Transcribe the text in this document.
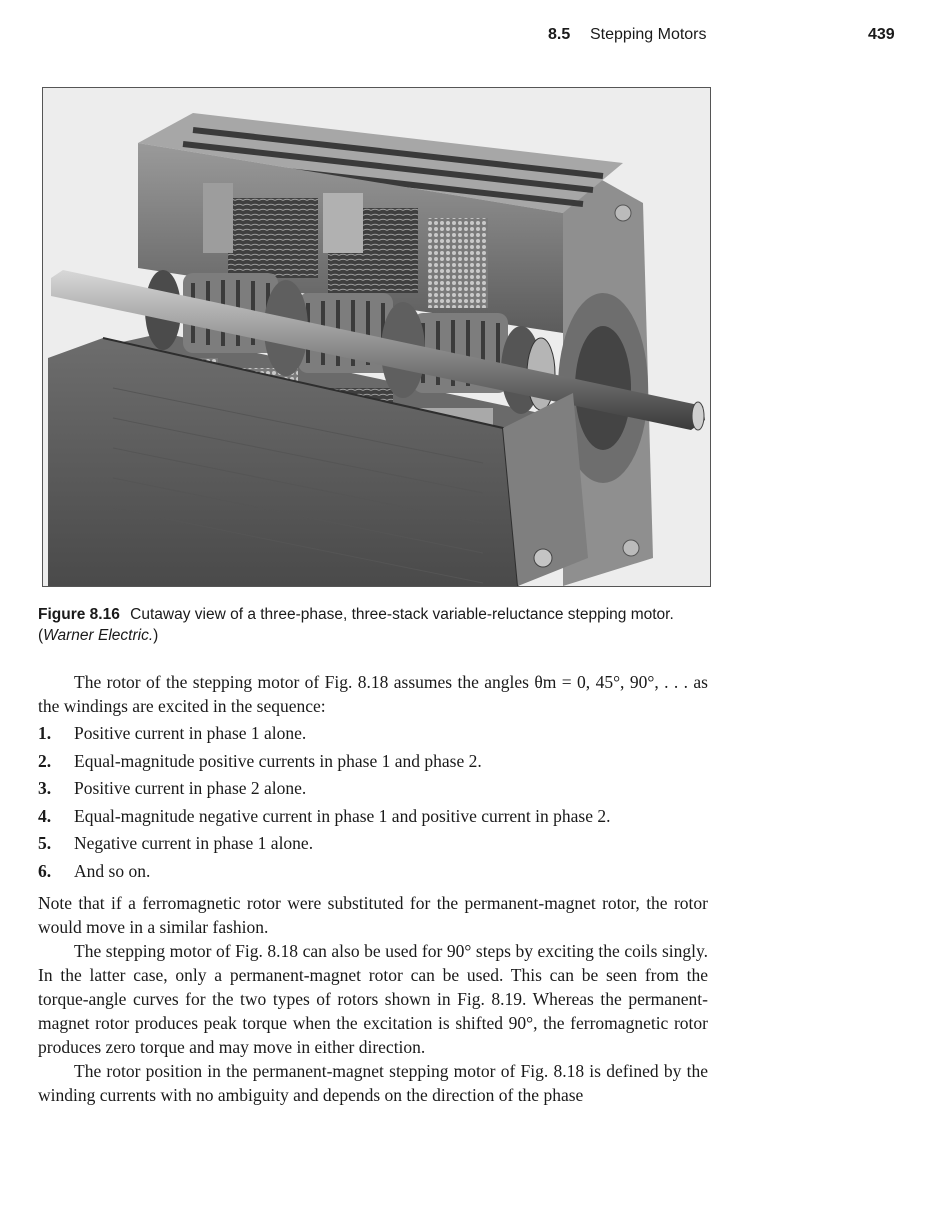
8.5 Stepping Motors	439
Figure 8.16 Cutaway view of a three-phase, three-stack variable-reluctance stepping motor. (Warner Electric.)

The rotor of the stepping motor of Fig. 8.18 assumes the angles θm = 0, 45°, 90°, . . . as the windings are excited in the sequence:

1. Positive current in phase 1 alone.
2. Equal-magnitude positive currents in phase 1 and phase 2.
3. Positive current in phase 2 alone.
4. Equal-magnitude negative current in phase 1 and positive current in phase 2.
5. Negative current in phase 1 alone.
6. And so on.

Note that if a ferromagnetic rotor were substituted for the permanent-magnet rotor, the rotor would move in a similar fashion.

The stepping motor of Fig. 8.18 can also be used for 90° steps by exciting the coils singly. In the latter case, only a permanent-magnet rotor can be used. This can be seen from the torque-angle curves for the two types of rotors shown in Fig. 8.19. Whereas the permanent-magnet rotor produces peak torque when the excitation is shifted 90°, the ferromagnetic rotor produces zero torque and may move in either direction.

The rotor position in the permanent-magnet stepping motor of Fig. 8.18 is defined by the winding currents with no ambiguity and depends on the direction of the phase
